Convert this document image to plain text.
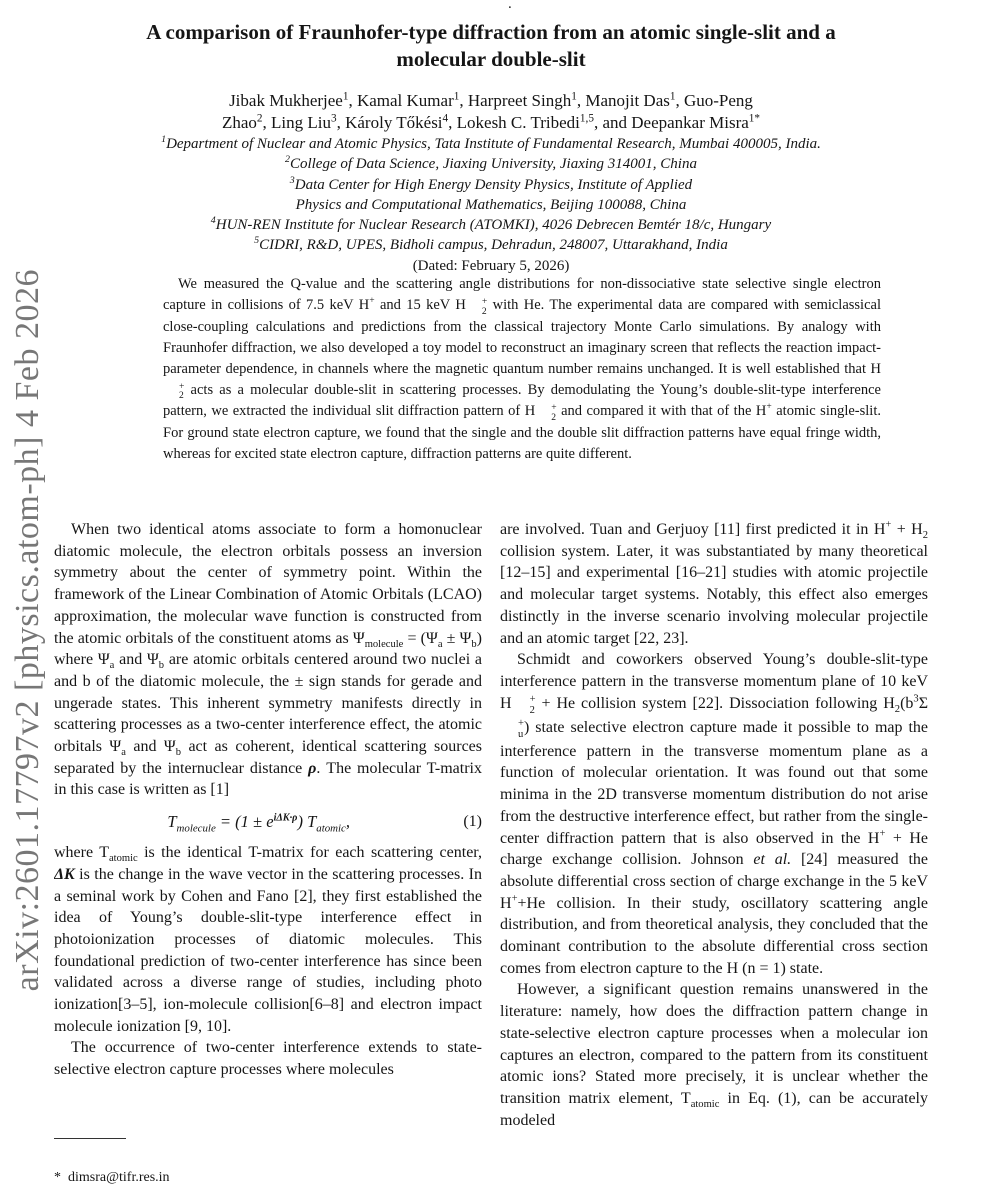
arXiv:2601.17797v2 [physics.atom-ph] 4 Feb 2026
.
A comparison of Fraunhofer-type diffraction from an atomic single-slit and a
molecular double-slit
Jibak Mukherjee$^1$, Kamal Kumar$^1$, Harpreet Singh$^1$, Manojit Das$^1$, Guo-Peng
Zhao$^2$, Ling Liu$^3$, Károly Tőkési$^4$, Lokesh C. Tribedi$^{1,5}$, and Deepankar Misra$^{1*}$
$^1$Department of Nuclear and Atomic Physics, Tata Institute of Fundamental Research, Mumbai 400005, India.
$^2$College of Data Science, Jiaxing University, Jiaxing 314001, China
$^3$Data Center for High Energy Density Physics, Institute of Applied
Physics and Computational Mathematics, Beijing 100088, China
$^4$HUN-REN Institute for Nuclear Research (ATOMKI), 4026 Debrecen Bemtér 18/c, Hungary
$^5$CIDRI, R&D, UPES, Bidholi campus, Dehradun, 248007, Uttarakhand, India
(Dated: February 5, 2026)

We measured the Q-value and the scattering angle distributions for non-dissociative state selective single electron capture in collisions of 7.5 keV H+ and 15 keV H	+
2 with He. The experimental data are compared with semiclassical close-coupling calculations and predictions from the classical trajectory Monte Carlo simulations. By analogy with Fraunhofer diffraction, we also developed a toy model to reconstruct an imaginary screen that reflects the reaction impact-parameter dependence, in channels where the magnetic quantum number remains unchanged. It is well established that H
+
2 acts as a molecular double-slit in scattering processes. By demodulating the Young’s double-slit-type interference pattern, we extracted the individual slit diffraction pattern of H	+
2 and compared it with that of the H+ atomic single-slit. For ground state electron capture, we found that the single and the double slit diffraction patterns have equal fringe width, whereas for excited state electron capture, diffraction patterns are quite different.

When two identical atoms associate to form a homonuclear diatomic molecule, the electron orbitals possess an inversion symmetry about the center of symmetry point. Within the framework of the Linear Combination of Atomic Orbitals (LCAO) approximation, the molecular wave function is constructed from the atomic orbitals of the constituent atoms as $\Psi_{molecule} = (\Psi_a \pm \Psi_b)$ where $\Psi_a$ and $\Psi_b$ are atomic orbitals centered around two nuclei a and b of the diatomic molecule, the ± sign stands for gerade and ungerade states. This inherent symmetry manifests directly in scattering processes as a two-center interference effect, the atomic orbitals $\Psi_a$ and $\Psi_b$ act as coherent, identical scattering sources separated by the internuclear distance ρ. The molecular T-matrix in this case is written as [1]

$T_{molecule} = (1 \pm e^{i\Delta K\cdot\rho})$ $T_{atomic}$,	(1)

where $T_{atomic}$ is the identical T-matrix for each scattering center, ΔK is the change in the wave vector in the scattering processes. In a seminal work by Cohen and Fano [2], they first established the idea of Young’s double-slit-type interference effect in photoionization processes of diatomic molecules. This foundational prediction of two-center interference has since been validated across a diverse range of studies, including photo ionization[3–5], ion-molecule collision[6–8] and electron impact molecule ionization [9, 10].

The occurrence of two-center interference extends to state-selective electron capture processes where molecules

are involved. Tuan and Gerjuoy [11] first predicted it in $H^+ + H_2$ collision system. Later, it was substantiated by many theoretical [12–15] and experimental [16–21] studies with atomic projectile and molecular target systems. Notably, this effect also emerges distinctly in the inverse scenario involving molecular projectile and an atomic target [22, 23].

Schmidt and coworkers observed Young’s double-slit-type interference pattern in the transverse momentum plane of 10 keV H	+
2 + He collision system [22]. Dissociation following $H_2(b^3\Sigma$
+
u ) state selective electron capture made it possible to map the interference pattern in the transverse momentum plane as a function of molecular orientation. It was found out that some minima in the 2D transverse momentum distribution do not arise from the destructive interference effect, but rather from the single-center diffraction pattern that is also observed in the H+ + He charge exchange collision. Johnson et al. [24] measured the absolute differential cross section of charge exchange in the 5 keV H++He collision. In their study, oscillatory scattering angle distribution, and from theoretical analysis, they concluded that the dominant contribution to the absolute differential cross section comes from electron capture to the H (n = 1) state.

However, a significant question remains unanswered in the literature: namely, how does the diffraction pattern change in state-selective electron capture processes when a molecular ion captures an electron, compared to the pattern from its constituent atomic ions? Stated more precisely, it is unclear whether the transition matrix element, $T_{atomic}$ in Eq. (1), can be accurately modeled

* dimsra@tifr.res.in
